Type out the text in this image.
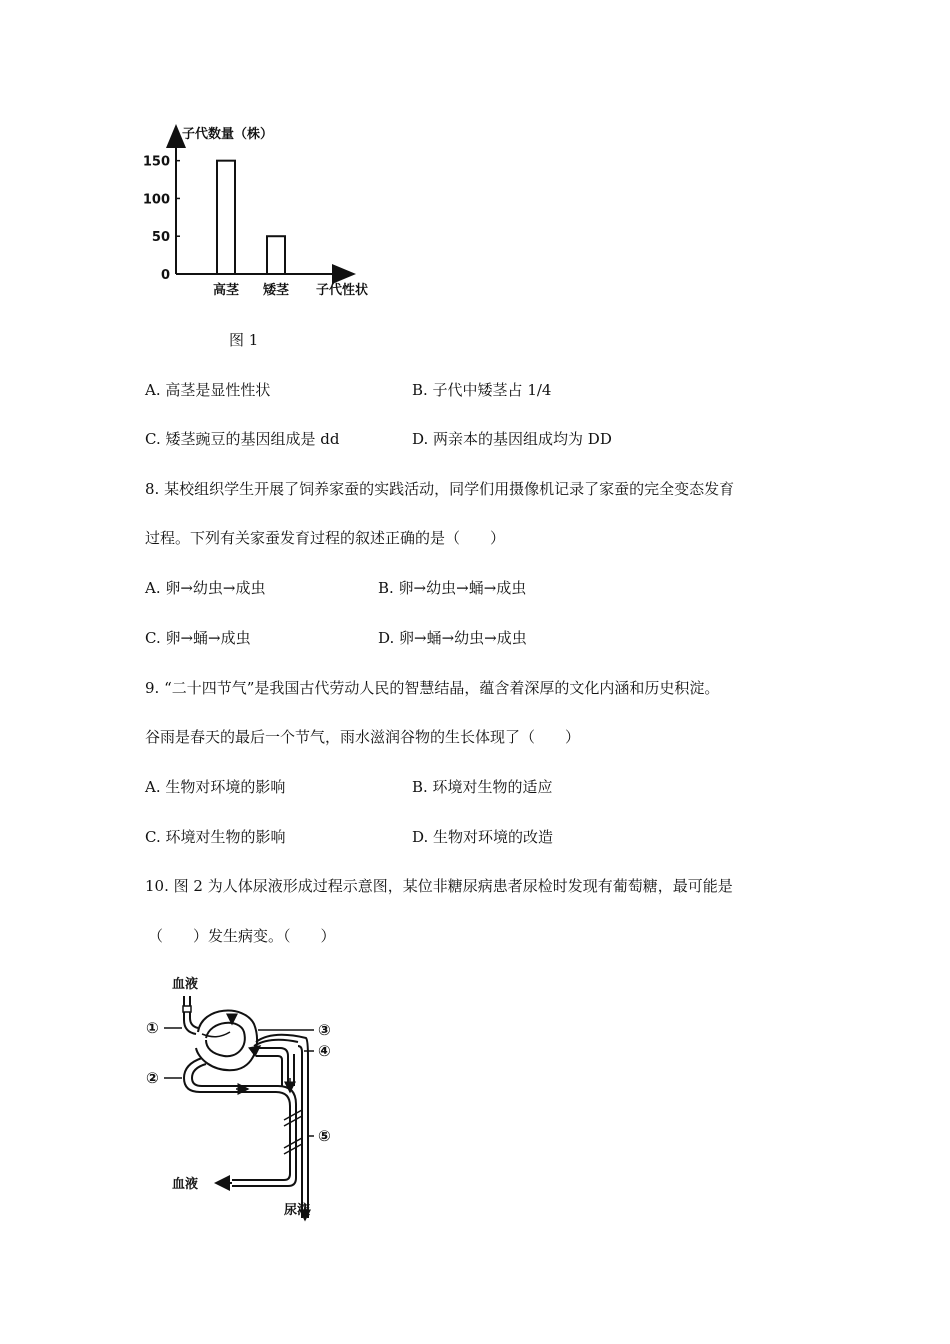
子代数量（株）
0
50
100
150
高茎 矮茎 子代性状
图 1
A. 高茎是显性性状	B. 子代中矮茎占 1/4
C. 矮茎豌豆的基因组成是 dd	D. 两亲本的基因组成均为 DD
8. 某校组织学生开展了饲养家蚕的实践活动，同学们用摄像机记录了家蚕的完全变态发育
过程。下列有关家蚕发育过程的叙述正确的是（　　）
A. 卵→幼虫→成虫	B. 卵→幼虫→蛹→成虫
C. 卵→蛹→成虫	D. 卵→蛹→幼虫→成虫
9. “二十四节气”是我国古代劳动人民的智慧结晶，蕴含着深厚的文化内涵和历史积淀。
谷雨是春天的最后一个节气，雨水滋润谷物的生长体现了（　　）
A. 生物对环境的影响	B. 环境对生物的适应
C. 环境对生物的影响	D. 生物对环境的改造
10. 图 2 为人体尿液形成过程示意图，某位非糖尿病患者尿检时发现有葡萄糖，最可能是
（　　）发生病变。（　　）
血液
血液
尿液
①
②
③
④
⑤
